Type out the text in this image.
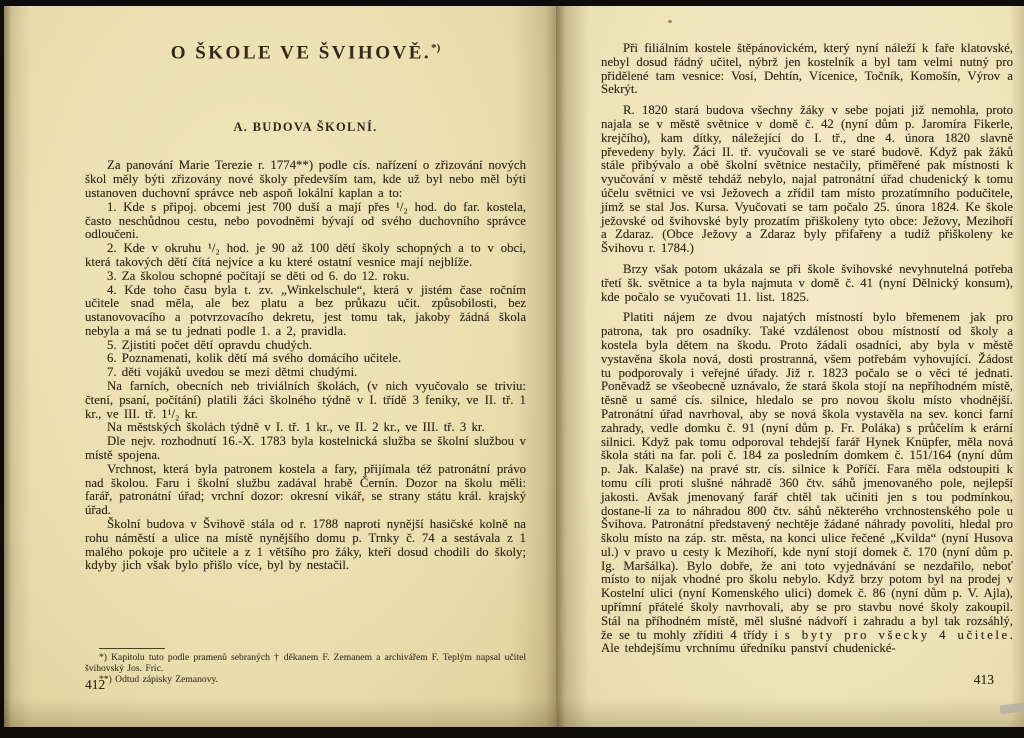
O ŠKOLE VE ŠVIHOVĚ.*)
A. BUDOVA ŠKOLNÍ.

Za panování Marie Terezie r. 1774**) podle cís. nařízení o zřizování nových škol měly býti zřizovány nové školy především tam, kde už byl nebo měl býti ustanoven duchovní správce neb aspoň lokální kaplan a to:

1. Kde s připoj. obcemi jest 700 duší a mají přes ¹/₂ hod. do far. kostela, často neschůdnou cestu, nebo povodněmi bývají od svého duchovního správce odloučeni.

2. Kde v okruhu ¹/₂ hod. je 90 až 100 dětí školy schopných a to v obci, která takových dětí čítá nejvíce a ku které ostatní vesnice mají nejblíže.

3. Za školou schopné počítají se děti od 6. do 12. roku.

4. Kde toho času byla t. zv. „Winkelschule“, která v jistém čase ročním učitele snad měla, ale bez platu a bez průkazu učit. způsobilosti, bez ustanovovacího a potvrzovacího dekretu, jest tomu tak, jakoby žádná škola nebyla a má se tu jednati podle 1. a 2, pravidla.

5. Zjistiti počet dětí opravdu chudých.

6. Poznamenati, kolik dětí má svého domácího učitele.

7. děti vojáků uvedou se mezi dětmi chudými.

Na farních, obecních neb triviálních školách, (v nich vyučovalo se triviu: čtení, psaní, počítání) platili žáci školného týdně v I. třídě 3 feniky, ve II. tř. 1 kr., ve III. tř. 1¹/₂ kr.

Na městských školách týdně v I. tř. 1 kr., ve II. 2 kr., ve III. tř. 3 kr.

Dle nejv. rozhodnutí 16.-X. 1783 byla kostelnická služba se školní službou v místě spojena.

Vrchnost, která byla patronem kostela a fary, přijímala též patronátní právo nad školou. Faru i školní službu zadával hrabě Černín. Dozor na školu měli: farář, patronátní úřad; vrchní dozor: okresní vikář, se strany státu král. krajský úřad.

Školní budova v Švihově stála od r. 1788 naproti nynější hasičské kolně na rohu náměstí a ulice na místě nynějšího domu p. Trnky č. 74 a sestávala z 1 malého pokoje pro učitele a z 1 většího pro žáky, kteří dosud chodili do školy; kdyby jich však bylo přišlo více, byl by nestačil.

*) Kapitolu tuto podle pramenů sebraných † děkanem F. Zemanem a archivářem F. Teplým napsal učitel švihovský Jos. Fric.

**) Odtud zápisky Zemanovy.

412

Při filiálním kostele štěpánovickém, který nyní náleží k faře klatovské, nebyl dosud řádný učitel, nýbrž jen kostelník a byl tam velmi nutný pro přidělené tam vesnice: Vosí, Dehtín, Vícenice, Točník, Komošín, Výrov a Sekrýt.

R. 1820 stará budova všechny žáky v sebe pojati již nemohla, proto najala se v městě světnice v domě č. 42 (nyní dům p. Jaromíra Fikerle, krejčího), kam dítky, náležející do I. tř., dne 4. února 1820 slavně převedeny byly. Žáci II. tř. vyučovali se ve staré budově. Když pak žáků stále přibývalo a obě školní světnice nestačily, přiměřené pak místnosti k vyučování v městě tehdáž nebylo, najal patronátní úřad chudenický k tomu účelu světnici ve vsi Ježovech a zřídil tam místo prozatímního podučitele, jímž se stal Jos. Kursa. Vyučovati se tam počalo 25. února 1824. Ke škole ježovské od švihovské byly prozatím přiškoleny tyto obce: Ježovy, Mezihoří a Zdaraz. (Obce Ježovy a Zdaraz byly přifařeny a tudíž přiškoleny ke Švihovu r. 1784.)

Brzy však potom ukázala se při škole švihovské nevyhnutelná potřeba třetí šk. světnice a ta byla najmuta v domě č. 41 (nyní Dělnický konsum), kde počalo se vyučovati 11. list. 1825.

Platiti nájem ze dvou najatých místností bylo břemenem jak pro patrona, tak pro osadníky. Také vzdálenost obou místností od školy a kostela byla dětem na škodu. Proto žádali osadníci, aby byla v městě vystavěna škola nová, dosti prostranná, všem potřebám vyhovující. Žádost tu podporovaly i veřejné úřady. Již r. 1823 počalo se o věci té jednati. Poněvadž se všeobecně uznávalo, že stará škola stojí na nepříhodném místě, těsně u samé cís. silnice, hledalo se pro novou školu místo vhodnější. Patronátní úřad navrhoval, aby se nová škola vystavěla na sev. konci farní zahrady, vedle domku č. 91 (nyní dům p. Fr. Poláka) s průčelím k erární silnici. Když pak tomu odporoval tehdejší farář Hynek Knüpfer, měla nová škola státi na far. poli č. 184 za posledním domkem č. 151/164 (nyní dům p. Jak. Kalaše) na pravé str. cís. silnice k Poříčí. Fara měla odstoupiti k tomu cíli proti slušné náhradě 360 čtv. sáhů jmenovaného pole, nejlepší jakosti. Avšak jmenovaný farář chtěl tak učiniti jen s tou podmínkou, dostane-li za to náhradou 800 čtv. sáhů některého vrchnostenského pole u Švihova. Patronátní představený nechtěje žádané náhrady povoliti, hledal pro školu místo na záp. str. města, na konci ulice řečené „Kvilda“ (nyní Husova ul.) v pravo u cesty k Mezihoří, kde nyní stojí domek č. 170 (nyní dům p. Ig. Maršálka). Bylo dobře, že ani toto vyjednávání se nezdařilo, neboť místo to nijak vhodné pro školu nebylo. Když brzy potom byl na prodej v Kostelní ulici (nyní Komenského ulici) domek č. 86 (nyní dům p. V. Ajla), upřímní přátelé školy navrhovali, aby se pro stavbu nové školy zakoupil. Stál na příhodném místě, měl slušné nádvoří i zahradu a byl tak rozsáhlý, že se tu mohly zříditi 4 třídy i s byty pro všecky 4 učitele. Ale tehdejšímu vrchnímu úředníku panství chudenické-

413
